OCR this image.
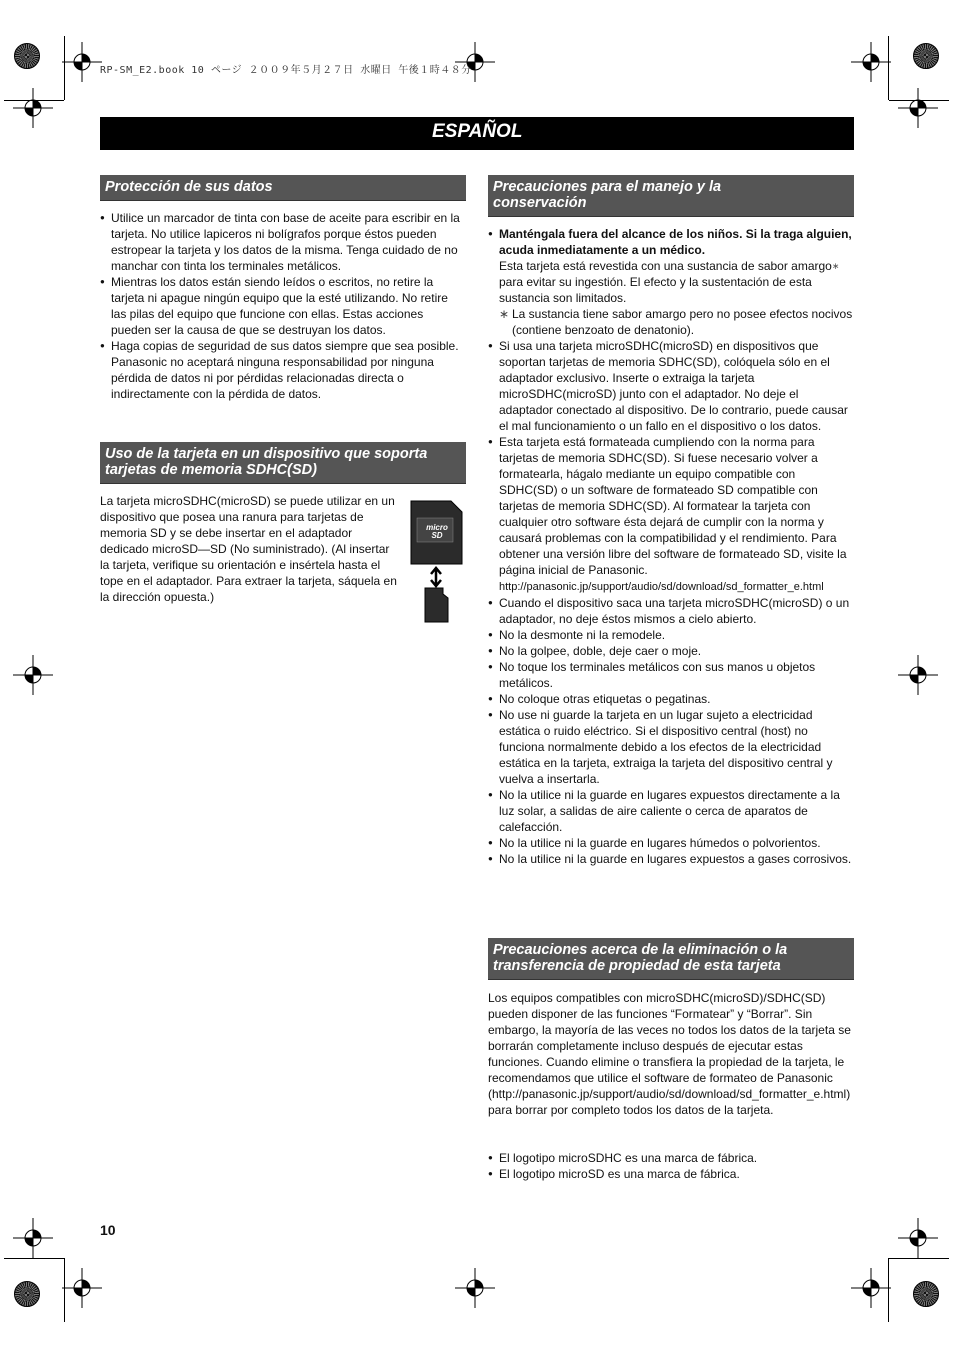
RP-SM_E2.book 10 ページ ２００９年５月２７日 水曜日 午後１時４８分
ESPAÑOL
Protección de sus datos
● Utilice un marcador de tinta con base de aceite para escribir en la tarjeta. No utilice lapiceros ni bolígrafos porque éstos pueden estropear la tarjeta y los datos de la misma. Tenga cuidado de no manchar con tinta los terminales metálicos.
● Mientras los datos están siendo leídos o escritos, no retire la tarjeta ni apague ningún equipo que la esté utilizando. No retire las pilas del equipo que funcione con ellas. Estas acciones pueden ser la causa de que se destruyan los datos.
● Haga copias de seguridad de sus datos siempre que sea posible. Panasonic no aceptará ninguna responsabilidad por ninguna pérdida de datos ni por pérdidas relacionadas directa o indirectamente con la pérdida de datos.
Uso de la tarjeta en un dispositivo que soporta
tarjetas de memoria SDHC(SD)
La tarjeta microSDHC(microSD) se puede utilizar en un dispositivo que posea una ranura para tarjetas de memoria SD y se debe insertar en el adaptador dedicado microSD—SD (No suministrado). (Al insertar la tarjeta, verifique su orientación e insértela hasta el tope en el adaptador. Para extraer la tarjeta, sáquela en la dirección opuesta.)
micro SD
Precauciones para el manejo y la
conservación
● Manténgala fuera del alcance de los niños. Si la traga alguien, acuda inmediatamente a un médico.
Esta tarjeta está revestida con una sustancia de sabor amargo∗ para evitar su ingestión. El efecto y la sustentación de esta sustancia son limitados.
∗ La sustancia tiene sabor amargo pero no posee efectos nocivos (contiene benzoato de denatonio).
● Si usa una tarjeta microSDHC(microSD) en dispositivos que soportan tarjetas de memoria SDHC(SD), colóquela sólo en el adaptador exclusivo. Inserte o extraiga la tarjeta microSDHC(microSD) junto con el adaptador. No deje el adaptador conectado al dispositivo. De lo contrario, puede causar el mal funcionamiento o un fallo en el dispositivo o los datos.
● Esta tarjeta está formateada cumpliendo con la norma para tarjetas de memoria SDHC(SD). Si fuese necesario volver a formatearla, hágalo mediante un equipo compatible con SDHC(SD) o un software de formateado SD compatible con tarjetas de memoria SDHC(SD). Al formatear la tarjeta con cualquier otro software ésta dejará de cumplir con la norma y causará problemas con la compatibilidad y el rendimiento. Para obtener una versión libre del software de formateado SD, visite la página inicial de Panasonic.
http://panasonic.jp/support/audio/sd/download/sd_formatter_e.html
● Cuando el dispositivo saca una tarjeta microSDHC(microSD) o un adaptador, no deje éstos mismos a cielo abierto.
● No la desmonte ni la remodele.
● No la golpee, doble, deje caer o moje.
● No toque los terminales metálicos con sus manos u objetos metálicos.
● No coloque otras etiquetas o pegatinas.
● No use ni guarde la tarjeta en un lugar sujeto a electricidad estática o ruido eléctrico. Si el dispositivo central (host) no funciona normalmente debido a los efectos de la electricidad estática en la tarjeta, extraiga la tarjeta del dispositivo central y vuelva a insertarla.
● No la utilice ni la guarde en lugares expuestos directamente a la luz solar, a salidas de aire caliente o cerca de aparatos de calefacción.
● No la utilice ni la guarde en lugares húmedos o polvorientos.
● No la utilice ni la guarde en lugares expuestos a gases corrosivos.
Precauciones acerca de la eliminación o la
transferencia de propiedad de esta tarjeta
Los equipos compatibles con microSDHC(microSD)/SDHC(SD) pueden disponer de las funciones “Formatear” y “Borrar”. Sin embargo, la mayoría de las veces no todos los datos de la tarjeta se borrarán completamente incluso después de ejecutar estas funciones. Cuando elimine o transfiera la propiedad de la tarjeta, le recomendamos que utilice el software de formateo de Panasonic (http://panasonic.jp/support/audio/sd/download/sd_formatter_e.html) para borrar por completo todos los datos de la tarjeta.
● El logotipo microSDHC es una marca de fábrica.
● El logotipo microSD es una marca de fábrica.
10
